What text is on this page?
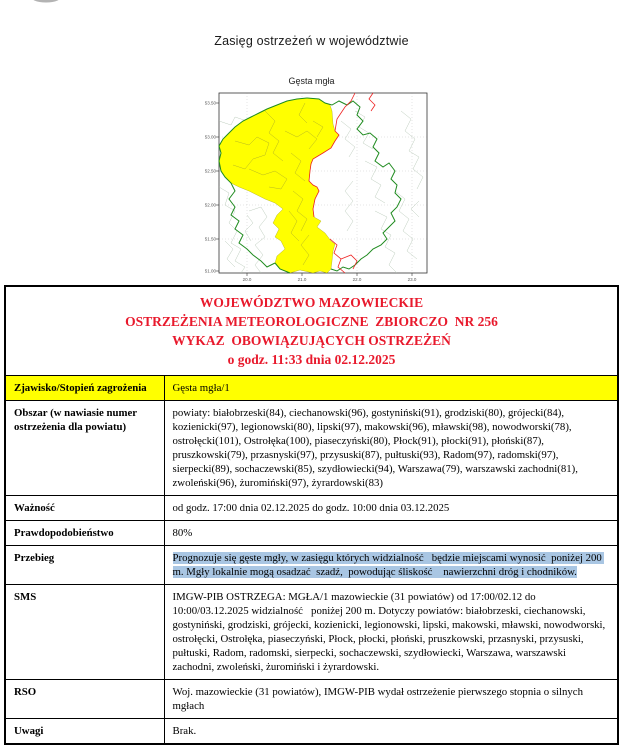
Zasięg ostrzeżeń w województwie

Gęsta mgła

53.50
53.00
52.50
52.00
51.50
51.00
20.0	21.0	22.0	23.0
WOJEWÓDZTWO MAZOWIECKIE
OSTRZEŻENIA METEOROLOGICZNE  ZBIORCZO  NR 256
WYKAZ  OBOWIĄZUJĄCYCH OSTRZEŻEŃ
o godz. 11:33 dnia 02.12.2025	

Zjawisko/Stopień zagrożenia	Gęsta mgła/1
Obszar (w nawiasie numer ostrzeżenia dla powiatu)	powiaty: białobrzeski(84), ciechanowski(96), gostyniński(91), grodziski(80), grójecki(84), kozienicki(97), legionowski(80), lipski(97), makowski(96), mławski(98), nowodworski(78), ostrołęcki(101), Ostrołęka(100), piaseczyński(80), Płock(91), płocki(91), płoński(87), pruszkowski(79), przasnyski(97), przysuski(87), pułtuski(93), Radom(97), radomski(97), sierpecki(89), sochaczewski(85), szydłowiecki(94), Warszawa(79), warszawski zachodni(81), zwoleński(96), żuromiński(97), żyrardowski(83)
Ważność	od godz. 17:00 dnia 02.12.2025 do godz. 10:00 dnia 03.12.2025
Prawdopodobieństwo	80%
Przebieg	Prognozuje się gęste mgły, w zasięgu których widzialność   będzie miejscami wynosić  poniżej 200 m. Mgły lokalnie mogą osadzać  szadź,  powodując śliskość    nawierzchni dróg i chodników.
SMS	IMGW-PIB OSTRZEGA: MGŁA/1 mazowieckie (31 powiatów) od 17:00/02.12 do 10:00/03.12.2025 widzialność   poniżej 200 m. Dotyczy powiatów: białobrzeski, ciechanowski, gostyniński, grodziski, grójecki, kozienicki, legionowski, lipski, makowski, mławski, nowodworski, ostrołęcki, Ostrołęka, piaseczyński, Płock, płocki, płoński, pruszkowski, przasnyski, przysuski, pułtuski, Radom, radomski, sierpecki, sochaczewski, szydłowiecki, Warszawa, warszawski zachodni, zwoleński, żuromiński i żyrardowski.
RSO	Woj. mazowieckie (31 powiatów), IMGW-PIB wydał ostrzeżenie pierwszego stopnia o silnych mgłach
Uwagi	Brak.
